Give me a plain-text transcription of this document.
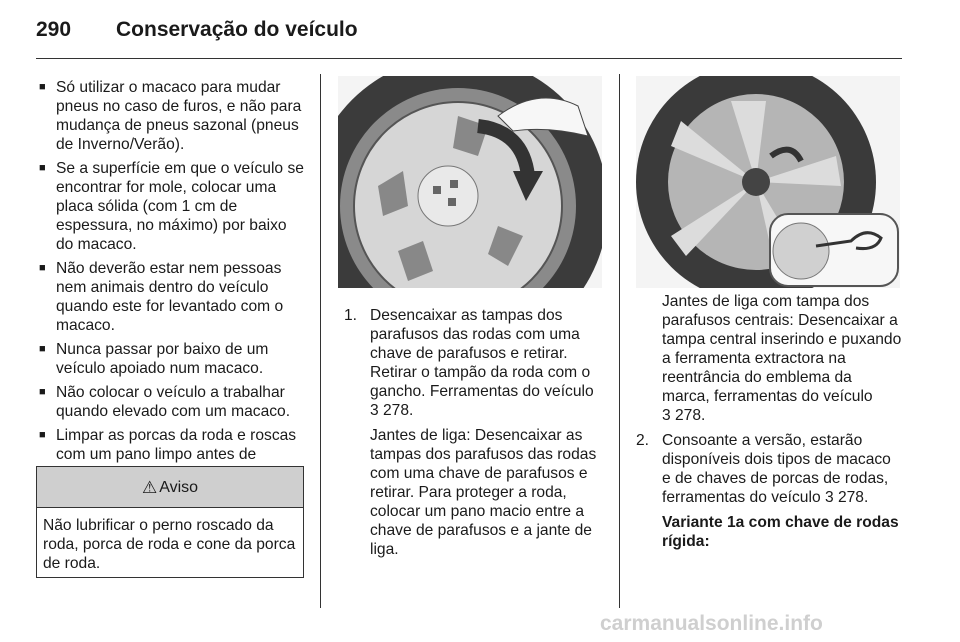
290 Conservação do veículo

■ Só utilizar o macaco para mudar pneus no caso de furos, e não para mudança de pneus sazonal (pneus de Inverno/Verão).

■ Se a superfície em que o veículo se encontrar for mole, colocar uma placa sólida (com 1 cm de espessura, no máximo) por baixo do macaco.

■ Não deverão estar nem pessoas nem animais dentro do veículo quando este for levantado com o macaco.

■ Nunca passar por baixo de um veículo apoiado num macaco.

■ Não colocar o veículo a trabalhar quando elevado com um macaco.

■ Limpar as porcas da roda e roscas com um pano limpo antes de

⚠ Aviso
Não lubrificar o perno roscado da roda, porca de roda e cone da porca de roda.
1. Desencaixar as tampas dos parafusos das rodas com uma chave de parafusos e retirar. Retirar o tampão da roda com o gancho. Ferramentas do veículo
3 278.

Jantes de liga: Desencaixar as tampas dos parafusos das rodas com uma chave de parafusos e retirar. Para proteger a roda, colocar um pano macio entre a chave de parafusos e a jante de liga.

Jantes de liga com tampa dos parafusos centrais: Desencaixar a tampa central inserindo e puxando a ferramenta extractora na reentrância do emblema da marca, ferramentas do veículo
3 278.

2. Consoante a versão, estarão disponíveis dois tipos de macaco e de chaves de porcas de rodas, ferramentas do veículo 3 278.

Variante 1a com chave de rodas rígida:

carmanualsonline.info
